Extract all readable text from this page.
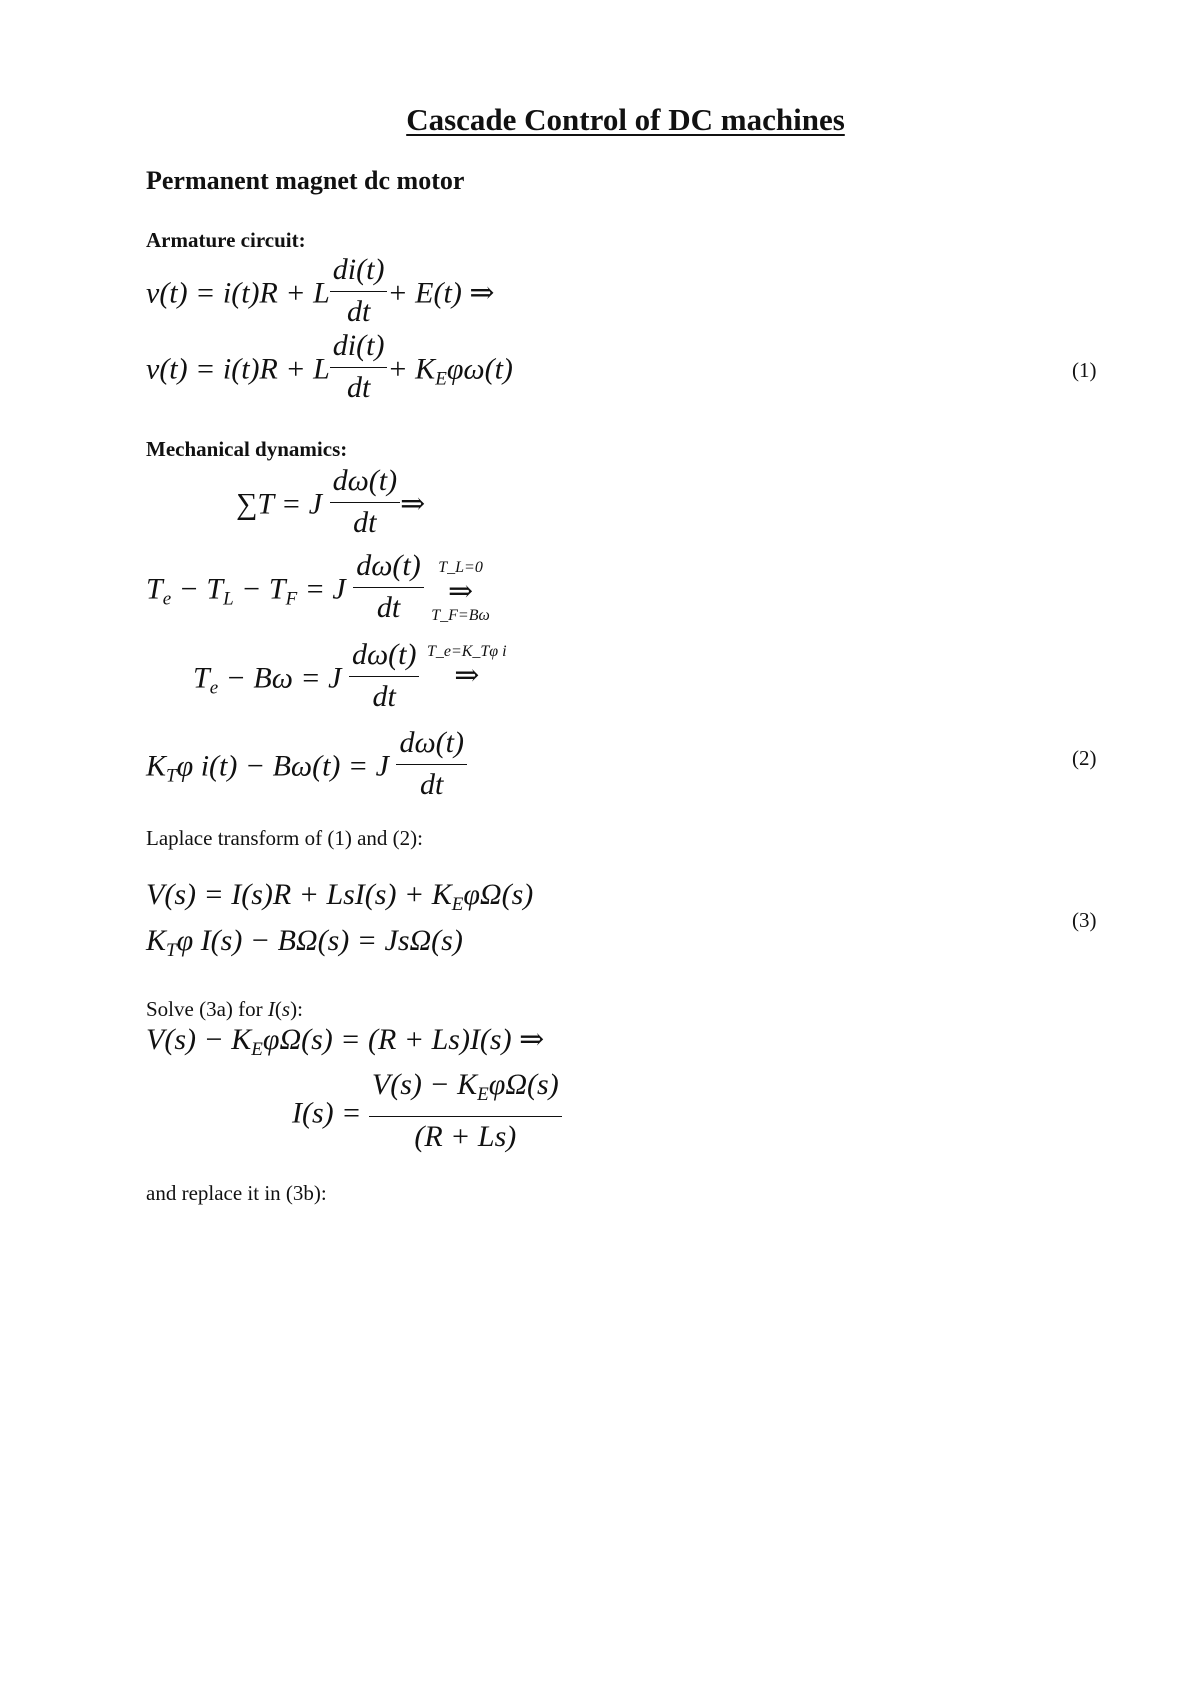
Cascade Control of DC machines
Permanent magnet dc motor
Armature circuit:
v(t) = i(t)R + L $\frac{di(t)}{dt} + E(t)$ ⇒
v(t) = i(t)R + L $\frac{di(t)}{dt} + K_E\varphi\omega(t)$	(1)
Mechanical dynamics:
∑T = J $\frac{d\omega(t)}{dt}$ ⇒
$T_e - T_L - T_F = J \frac{d\omega(t)}{dt}$
T_L=0
⇒
T_F=Bω
$T_e - B\omega = J \frac{d\omega(t)}{dt}$
T_e=K_Tφ i
⇒
$K_T\varphi$ i(t) − Bω(t) = J $\frac{d\omega(t)}{dt}$	(2)
Laplace transform of (1) and (2):
$V(s) = I(s)R + LsI(s) + K_E\varphi\Omega(s)$
$K_T\varphi$ I(s) − BΩ(s) = JsΩ(s)
(3)
Solve (3a) for I(s):
$V(s) - K_E\varphi\Omega(s) = (R + Ls)I(s)$ ⇒
$I(s) = \frac{V(s) - K_E\varphi\Omega(s)}{(R + Ls)}$
and replace it in (3b):
